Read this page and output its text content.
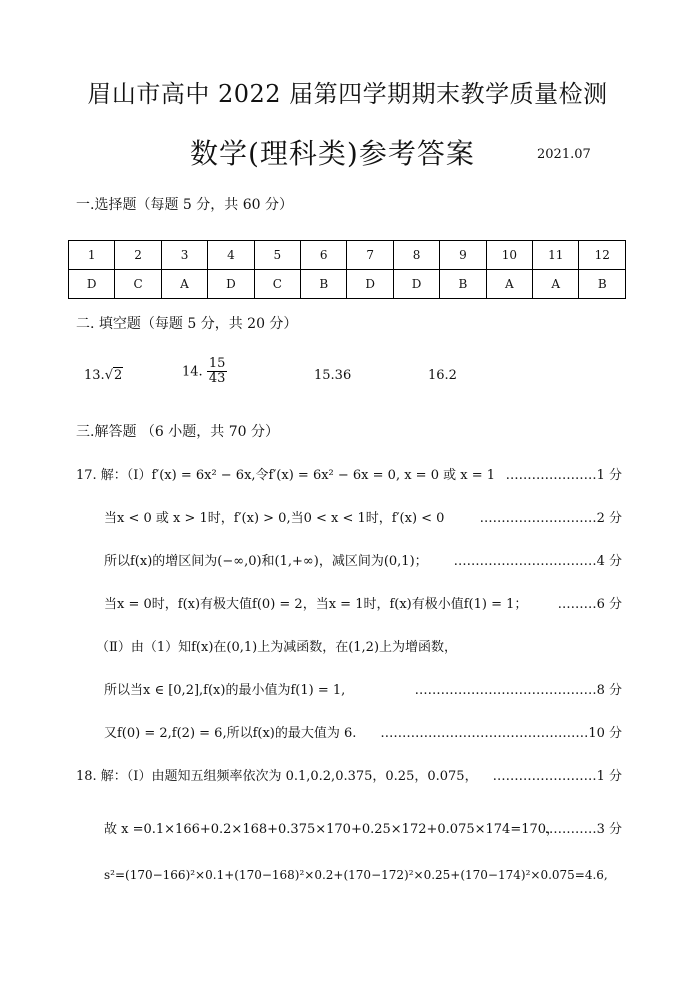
眉山市高中 2022 届第四学期期末教学质量检测
数学(理科类)参考答案	2021.07
一.选择题（每题 5 分，共 60 分）
1	2	3	4	5	6	7	8	9	10	11	12
D	C	A	D	C	B	D	D	B	A	A	B
二. 填空题（每题 5 分，共 20 分）
13.√2	14. $\frac{15}{43}$	15.36	16.2
三.解答题 （6 小题，共 70 分）
17. 解：（Ⅰ）f′(x) = 6x² − 6x,令f′(x) = 6x² − 6x = 0, x = 0 或 x = 1 …………………1 分
当x < 0 或 x > 1时，f′(x) > 0,当0 < x < 1时，f′(x) < 0	………………………2 分
所以f(x)的增区间为(−∞,0)和(1,+∞)，减区间为(0,1)； ……………………………4 分
当x = 0时，f(x)有极大值f(0) = 2，当x = 1时，f(x)有极小值f(1) = 1； ………6 分
（Ⅱ）由（1）知f(x)在(0,1)上为减函数，在(1,2)上为增函数，
所以当x ∈ [0,2],f(x)的最小值为f(1) = 1,	……………………………………8 分
又f(0) = 2,f(2) = 6,所以f(x)的最大值为 6. …………………………………………10 分
18. 解：（Ⅰ）由题知五组频率依次为 0.1,0.2,0.375，0.25，0.075， ……………………1 分
故 x =0.1×166+0.2×168+0.375×170+0.25×172+0.075×174=170，
…………3 分
s²=(170−166)²×0.1+(170−168)²×0.2+(170−172)²×0.25+(170−174)²×0.075=4.6,
